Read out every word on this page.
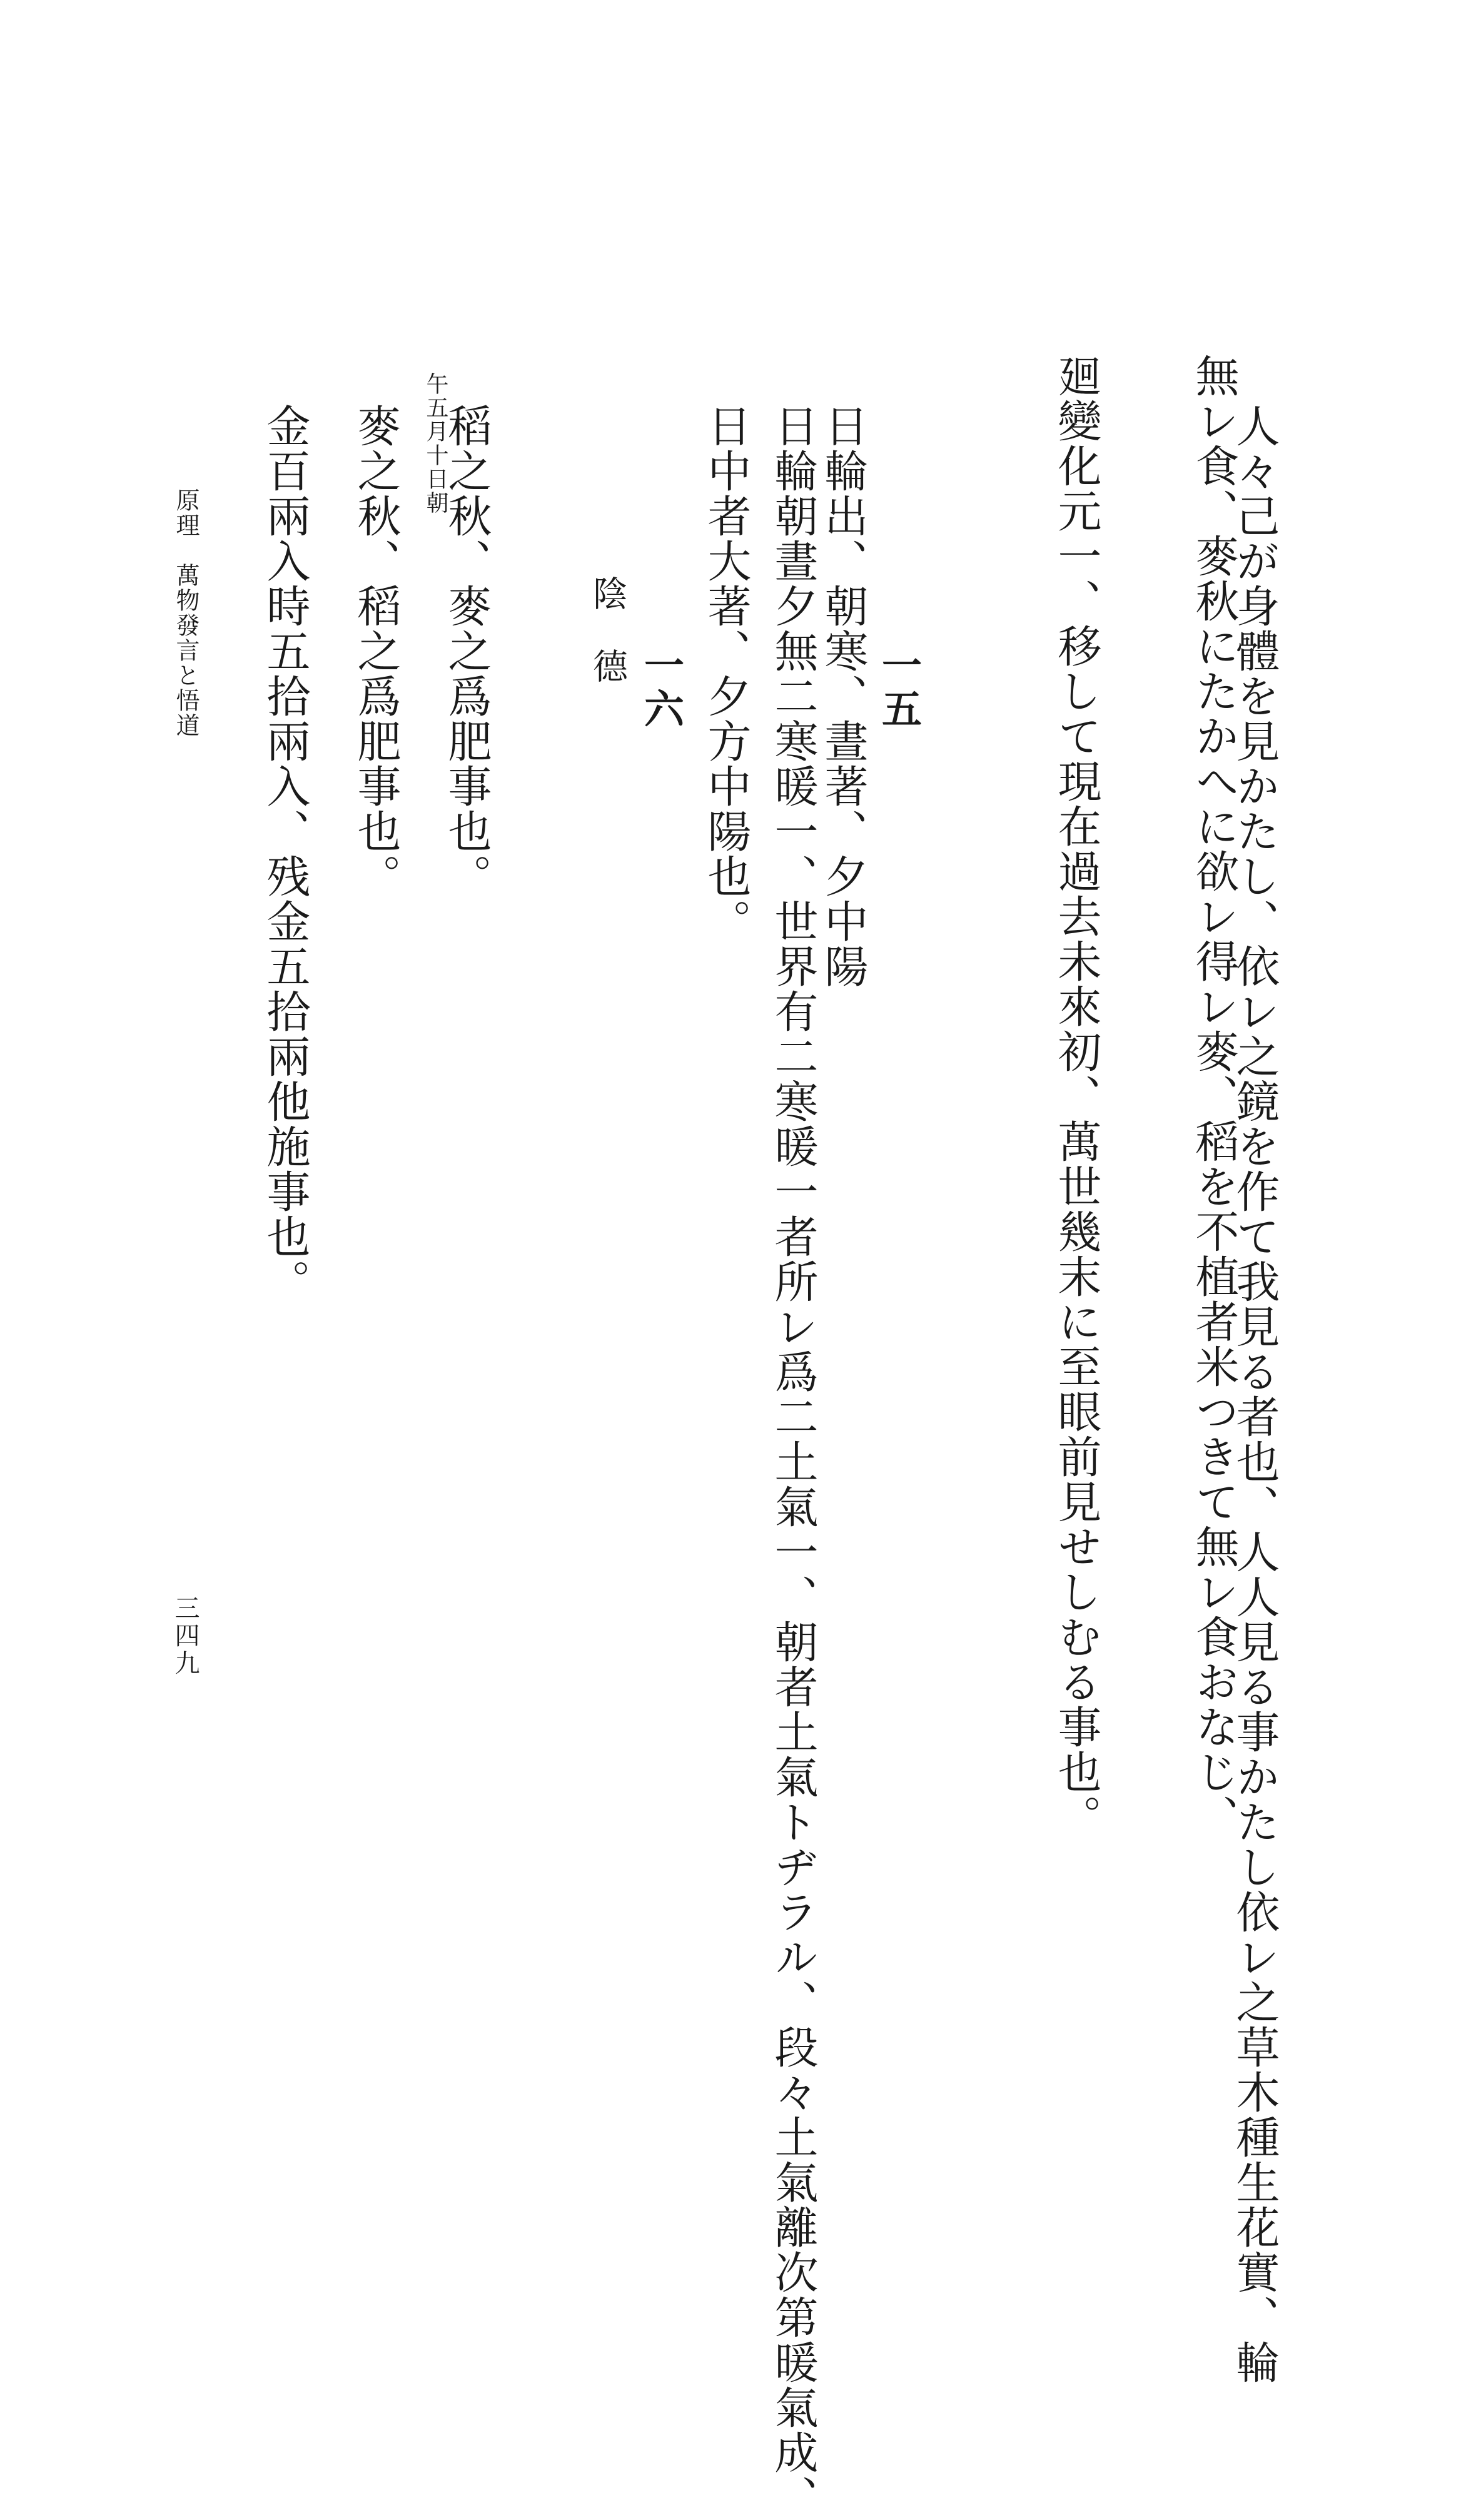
無レ食、麥秋にたかへに欲レ得レ麥、稻を不植者米つきて無レ食おなじ、
人々己が身體を見かたし、依レ之鏡を作て我見る者也、人人見る事かたし依レ之草木種生花實、輪
廻變化元一、移して現在過去未來初、萬世幾末に至眼前見せしむる事也。
一五
日輪出、朝寒、晝著、夕中陽
日輪朝晝夕無二寒暖一、世界有二寒暖一者所レ爲二土氣一、朝者土氣トヂラル、段々土氣離次第暖氣成、
日中者大著、夕方中陽也。
一六
陰德
午五月十日朝
稻之秋、麥之爲肥事也。
麥之秋、稻之爲肥事也。
金百兩入時五拾兩入、残金五拾兩他施事也。
原理　萬物發言と悟道
三四九
